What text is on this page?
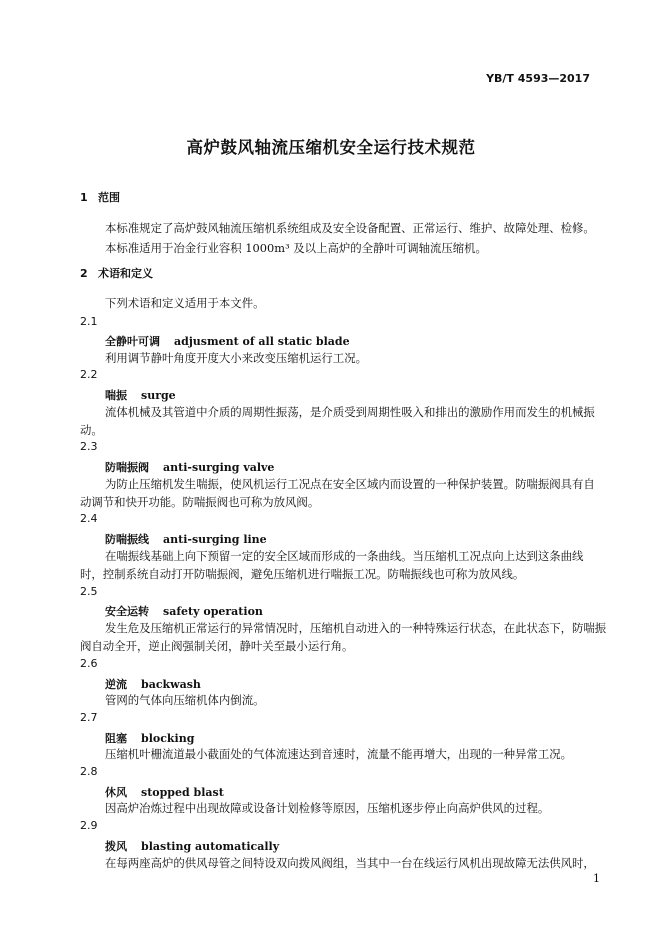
YB/T 4593—2017
高炉鼓风轴流压缩机安全运行技术规范
1 范围
本标准规定了高炉鼓风轴流压缩机系统组成及安全设备配置、正常运行、维护、故障处理、检修。
本标准适用于冶金行业容积 1000m³ 及以上高炉的全静叶可调轴流压缩机。
2 术语和定义
下列术语和定义适用于本文件。
2.1
全静叶可调 adjusment of all static blade
利用调节静叶角度开度大小来改变压缩机运行工况。
2.2
喘振 surge
流体机械及其管道中介质的周期性振荡，是介质受到周期性吸入和排出的激励作用而发生的机械振
动。
2.3
防喘振阀 anti-surging valve
为防止压缩机发生喘振，使风机运行工况点在安全区域内而设置的一种保护装置。防喘振阀具有自
动调节和快开功能。防喘振阀也可称为放风阀。
2.4
防喘振线 anti-surging line
在喘振线基础上向下预留一定的安全区域而形成的一条曲线。当压缩机工况点向上达到这条曲线
时，控制系统自动打开防喘振阀，避免压缩机进行喘振工况。防喘振线也可称为放风线。
2.5
安全运转 safety operation
发生危及压缩机正常运行的异常情况时，压缩机自动进入的一种特殊运行状态，在此状态下，防喘振
阀自动全开，逆止阀强制关闭，静叶关至最小运行角。
2.6
逆流 backwash
管网的气体向压缩机体内倒流。
2.7
阻塞 blocking
压缩机叶栅流道最小截面处的气体流速达到音速时，流量不能再增大，出现的一种异常工况。
2.8
休风 stopped blast
因高炉冶炼过程中出现故障或设备计划检修等原因，压缩机逐步停止向高炉供风的过程。
2.9
拨风 blasting automatically
在每两座高炉的供风母管之间特设双向拨风阀组，当其中一台在线运行风机出现故障无法供风时，
1
